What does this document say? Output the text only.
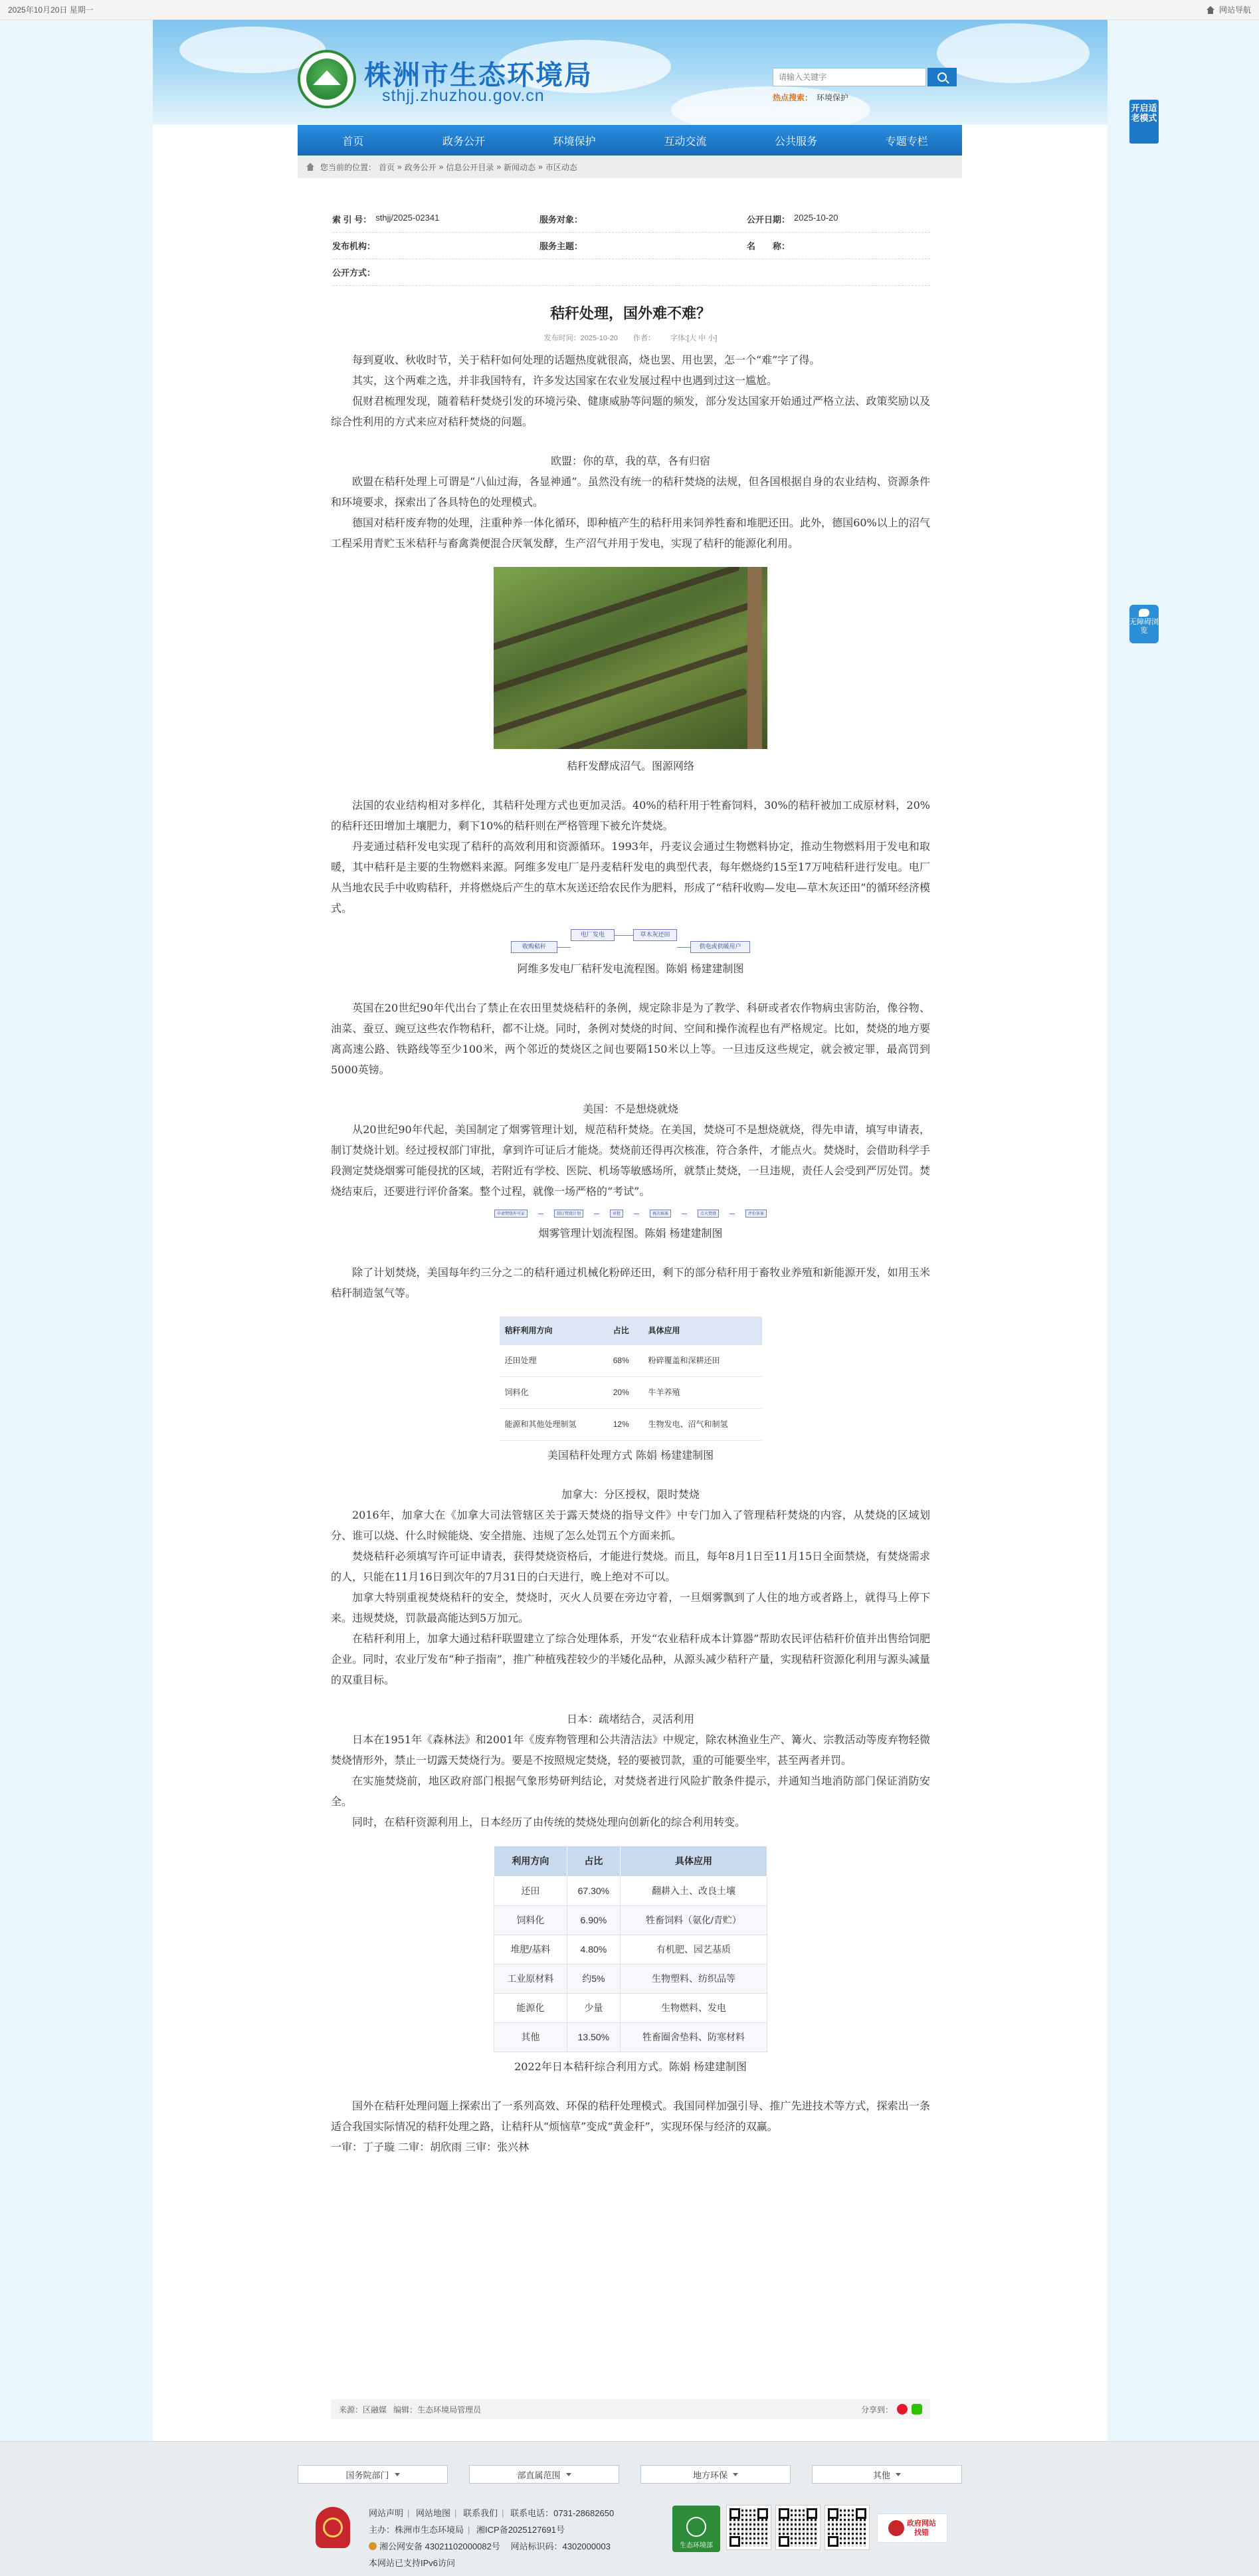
2025年10月20日 星期一	网站导航
株洲市生态环境局
sthjj.zhuzhou.gov.cn
请输入关键字	热点搜索： 环境保护
开启适老模式
无障碍浏览
首页	政务公开	环境保护	互动交流	公共服务	专题专栏
您当前的位置： 首页 » 政务公开 » 信息公开目录 » 新闻动态 » 市区动态
索 引 号： sthjj/2025-02341	服务对象：	公开日期： 2025-10-20
发布机构：	服务主题：	名　　称：
公开方式：
秸秆处理，国外难不难？
发布时间：2025-10-20 作者： 字体:[大 中 小]

每到夏收、秋收时节，关于秸秆如何处理的话题热度就很高，烧也罢、用也罢，怎一个“难”字了得。

其实，这个两难之选，并非我国特有，许多发达国家在农业发展过程中也遇到过这一尴尬。

侃财君梳理发现，随着秸秆焚烧引发的环境污染、健康威胁等问题的频发，部分发达国家开始通过严格立法、政策奖励以及综合性利用的方式来应对秸秆焚烧的问题。

欧盟：你的草，我的草，各有归宿

欧盟在秸秆处理上可谓是“八仙过海，各显神通”。虽然没有统一的秸秆焚烧的法规，但各国根据自身的农业结构、资源条件和环境要求，探索出了各具特色的处理模式。

德国对秸秆废弃物的处理，注重种养一体化循环，即种植产生的秸秆用来饲养牲畜和堆肥还田。此外，德国60%以上的沼气工程采用青贮玉米秸秆与畜禽粪便混合厌氧发酵，生产沼气并用于发电，实现了秸秆的能源化利用。

秸秆发酵成沼气。图源网络

法国的农业结构相对多样化，其秸秆处理方式也更加灵活。40%的秸秆用于牲畜饲料，30%的秸秆被加工成原材料，20%的秸秆还田增加土壤肥力，剩下10%的秸秆则在严格管理下被允许焚烧。

丹麦通过秸秆发电实现了秸秆的高效利用和资源循环。1993年，丹麦议会通过生物燃料协定，推动生物燃料用于发电和取暖，其中秸秆是主要的生物燃料来源。阿维多发电厂是丹麦秸秆发电的典型代表，每年燃烧约15至17万吨秸秆进行发电。电厂从当地农民手中收购秸秆，并将燃烧后产生的草木灰送还给农民作为肥料，形成了“秸秆收购—发电—草木灰还田”的循环经济模式。

收购秸秆
电厂发电	草木灰还田
供电或供暖用户

阿维多发电厂秸秆发电流程图。陈娟 杨建建制图

英国在20世纪90年代出台了禁止在农田里焚烧秸秆的条例，规定除非是为了教学、科研或者农作物病虫害防治，像谷物、油菜、蚕豆、豌豆这些农作物秸秆，都不让烧。同时，条例对焚烧的时间、空间和操作流程也有严格规定。比如，焚烧的地方要离高速公路、铁路线等至少100米，两个邻近的焚烧区之间也要隔150米以上等。一旦违反这些规定，就会被定罪，最高罚到5000英镑。

美国：不是想烧就烧

从20世纪90年代起，美国制定了烟雾管理计划，规范秸秆焚烧。在美国，焚烧可不是想烧就烧，得先申请，填写申请表，制订焚烧计划。经过授权部门审批，拿到许可证后才能烧。焚烧前还得再次核准，符合条件，才能点火。焚烧时，会借助科学手段测定焚烧烟雾可能侵扰的区域，若附近有学校、医院、机场等敏感场所，就禁止焚烧，一旦违规，责任人会受到严厉处罚。焚烧结束后，还要进行评价备案。整个过程，就像一场严格的“考试”。

申请焚烧许可证	制订焚烧计划	审批	再次核准	点火焚烧	评价备案

烟雾管理计划流程图。陈娟 杨建建制图

除了计划焚烧，美国每年约三分之二的秸秆通过机械化粉碎还田，剩下的部分秸秆用于畜牧业养殖和新能源开发，如用玉米秸秆制造氢气等。

秸秆利用方向	占比	具体应用
还田处理	68%	粉碎覆盖和深耕还田
饲料化	20%	牛羊养殖
能源和其他处理制氢	12%	生物发电、沼气和制氢

美国秸秆处理方式 陈娟 杨建建制图

加拿大：分区授权，限时焚烧

2016年，加拿大在《加拿大司法管辖区关于露天焚烧的指导文件》中专门加入了管理秸秆焚烧的内容，从焚烧的区域划分、谁可以烧、什么时候能烧、安全措施、违规了怎么处罚五个方面来抓。

焚烧秸秆必须填写许可证申请表，获得焚烧资格后，才能进行焚烧。而且，每年8月1日至11月15日全面禁烧，有焚烧需求的人，只能在11月16日到次年的7月31日的白天进行，晚上绝对不可以。

加拿大特别重视焚烧秸秆的安全，焚烧时，灭火人员要在旁边守着，一旦烟雾飘到了人住的地方或者路上，就得马上停下来。违规焚烧，罚款最高能达到5万加元。

在秸秆利用上，加拿大通过秸秆联盟建立了综合处理体系，开发“农业秸秆成本计算器”帮助农民评估秸秆价值并出售给饲肥企业。同时，农业厅发布“种子指南”，推广种植残茬较少的半矮化品种，从源头减少秸秆产量，实现秸秆资源化利用与源头减量的双重目标。

日本：疏堵结合，灵活利用

日本在1951年《森林法》和2001年《废弃物管理和公共清洁法》中规定，除农林渔业生产、篝火、宗教活动等废弃物轻微焚烧情形外，禁止一切露天焚烧行为。要是不按照规定焚烧，轻的要被罚款，重的可能要坐牢，甚至两者并罚。

在实施焚烧前，地区政府部门根据气象形势研判结论，对焚烧者进行风险扩散条件提示，并通知当地消防部门保证消防安全。

同时，在秸秆资源利用上，日本经历了由传统的焚烧处理向创新化的综合利用转变。

利用方向	占比	具体应用
还田	67.30%	翻耕入土、改良土壤
饲料化	6.90%	牲畜饲料（氨化/青贮）
堆肥/基料	4.80%	有机肥、园艺基质
工业原材料	约5%	生物塑料、纺织品等
能源化	少量	生物燃料、发电
其他	13.50%	牲畜圈舍垫料、防寒材料

2022年日本秸秆综合利用方式。陈娟 杨建建制图

国外在秸秆处理问题上探索出了一系列高效、环保的秸秆处理模式。我国同样加强引导、推广先进技术等方式，探索出一条适合我国实际情况的秸秆处理之路，让秸秆从“烦恼草”变成“黄金秆”，实现环保与经济的双赢。

一审：丁子璇 二审：胡欣雨 三审：张兴林

来源：区融媒 编辑：生态环境局管理员	分享到：
国务院部门	部直属范围	地方环保	其他
网站声明 | 网站地图 | 联系我们 | 联系电话：0731-28682650
主办：株洲市生态环境局 | 湘ICP备2025127691号
湘公网安备 43021102000082号 网站标识码：4302000003
本网站已支持IPv6访问
生态环境部
政府网站
找错
